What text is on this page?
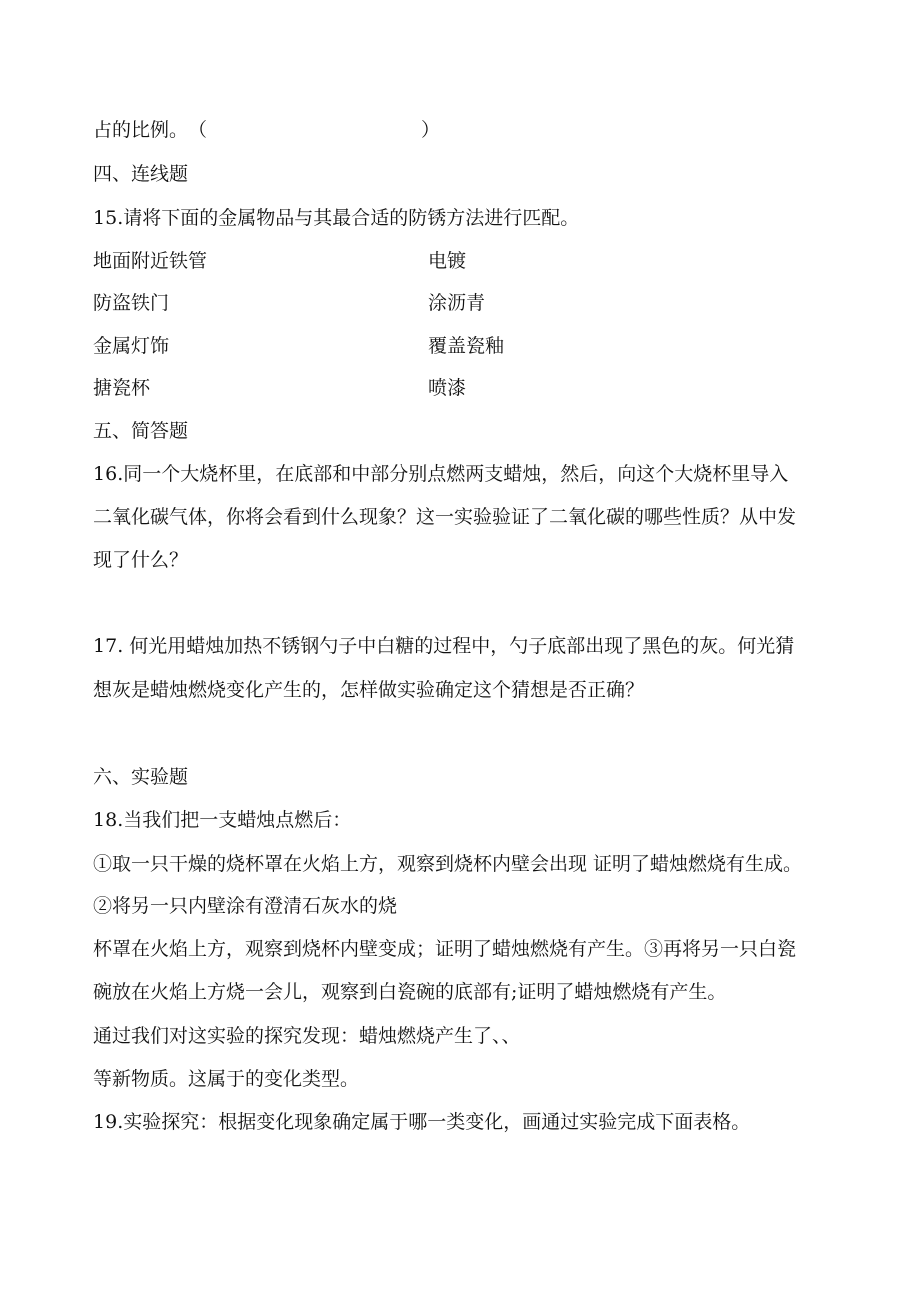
占的比例。（	）

四、连线题

15.请将下面的金属物品与其最合适的防锈方法进行匹配。

地面附近铁管	电镀

防盗铁门	涂沥青

金属灯饰	覆盖瓷釉

搪瓷杯	喷漆

五、简答题

16.同一个大烧杯里，在底部和中部分别点燃两支蜡烛，然后，向这个大烧杯里导入

二氧化碳气体，你将会看到什么现象？这一实验验证了二氧化碳的哪些性质？从中发

现了什么？

17. 何光用蜡烛加热不锈钢勺子中白糖的过程中，勺子底部出现了黑色的灰。何光猜

想灰是蜡烛燃烧变化产生的，怎样做实验确定这个猜想是否正确？

六、实验题

18.当我们把一支蜡烛点燃后：

①取一只干燥的烧杯罩在火焰上方，观察到烧杯内壁会出现 证明了蜡烛燃烧有生成。

②将另一只内壁涂有澄清石灰水的烧

杯罩在火焰上方，观察到烧杯内壁变成；证明了蜡烛燃烧有产生。③再将另一只白瓷

碗放在火焰上方烧一会儿，观察到白瓷碗的底部有;证明了蜡烛燃烧有产生。

通过我们对这实验的探究发现：蜡烛燃烧产生了、、

等新物质。这属于的变化类型。

19.实验探究：根据变化现象确定属于哪一类变化，画通过实验完成下面表格。
